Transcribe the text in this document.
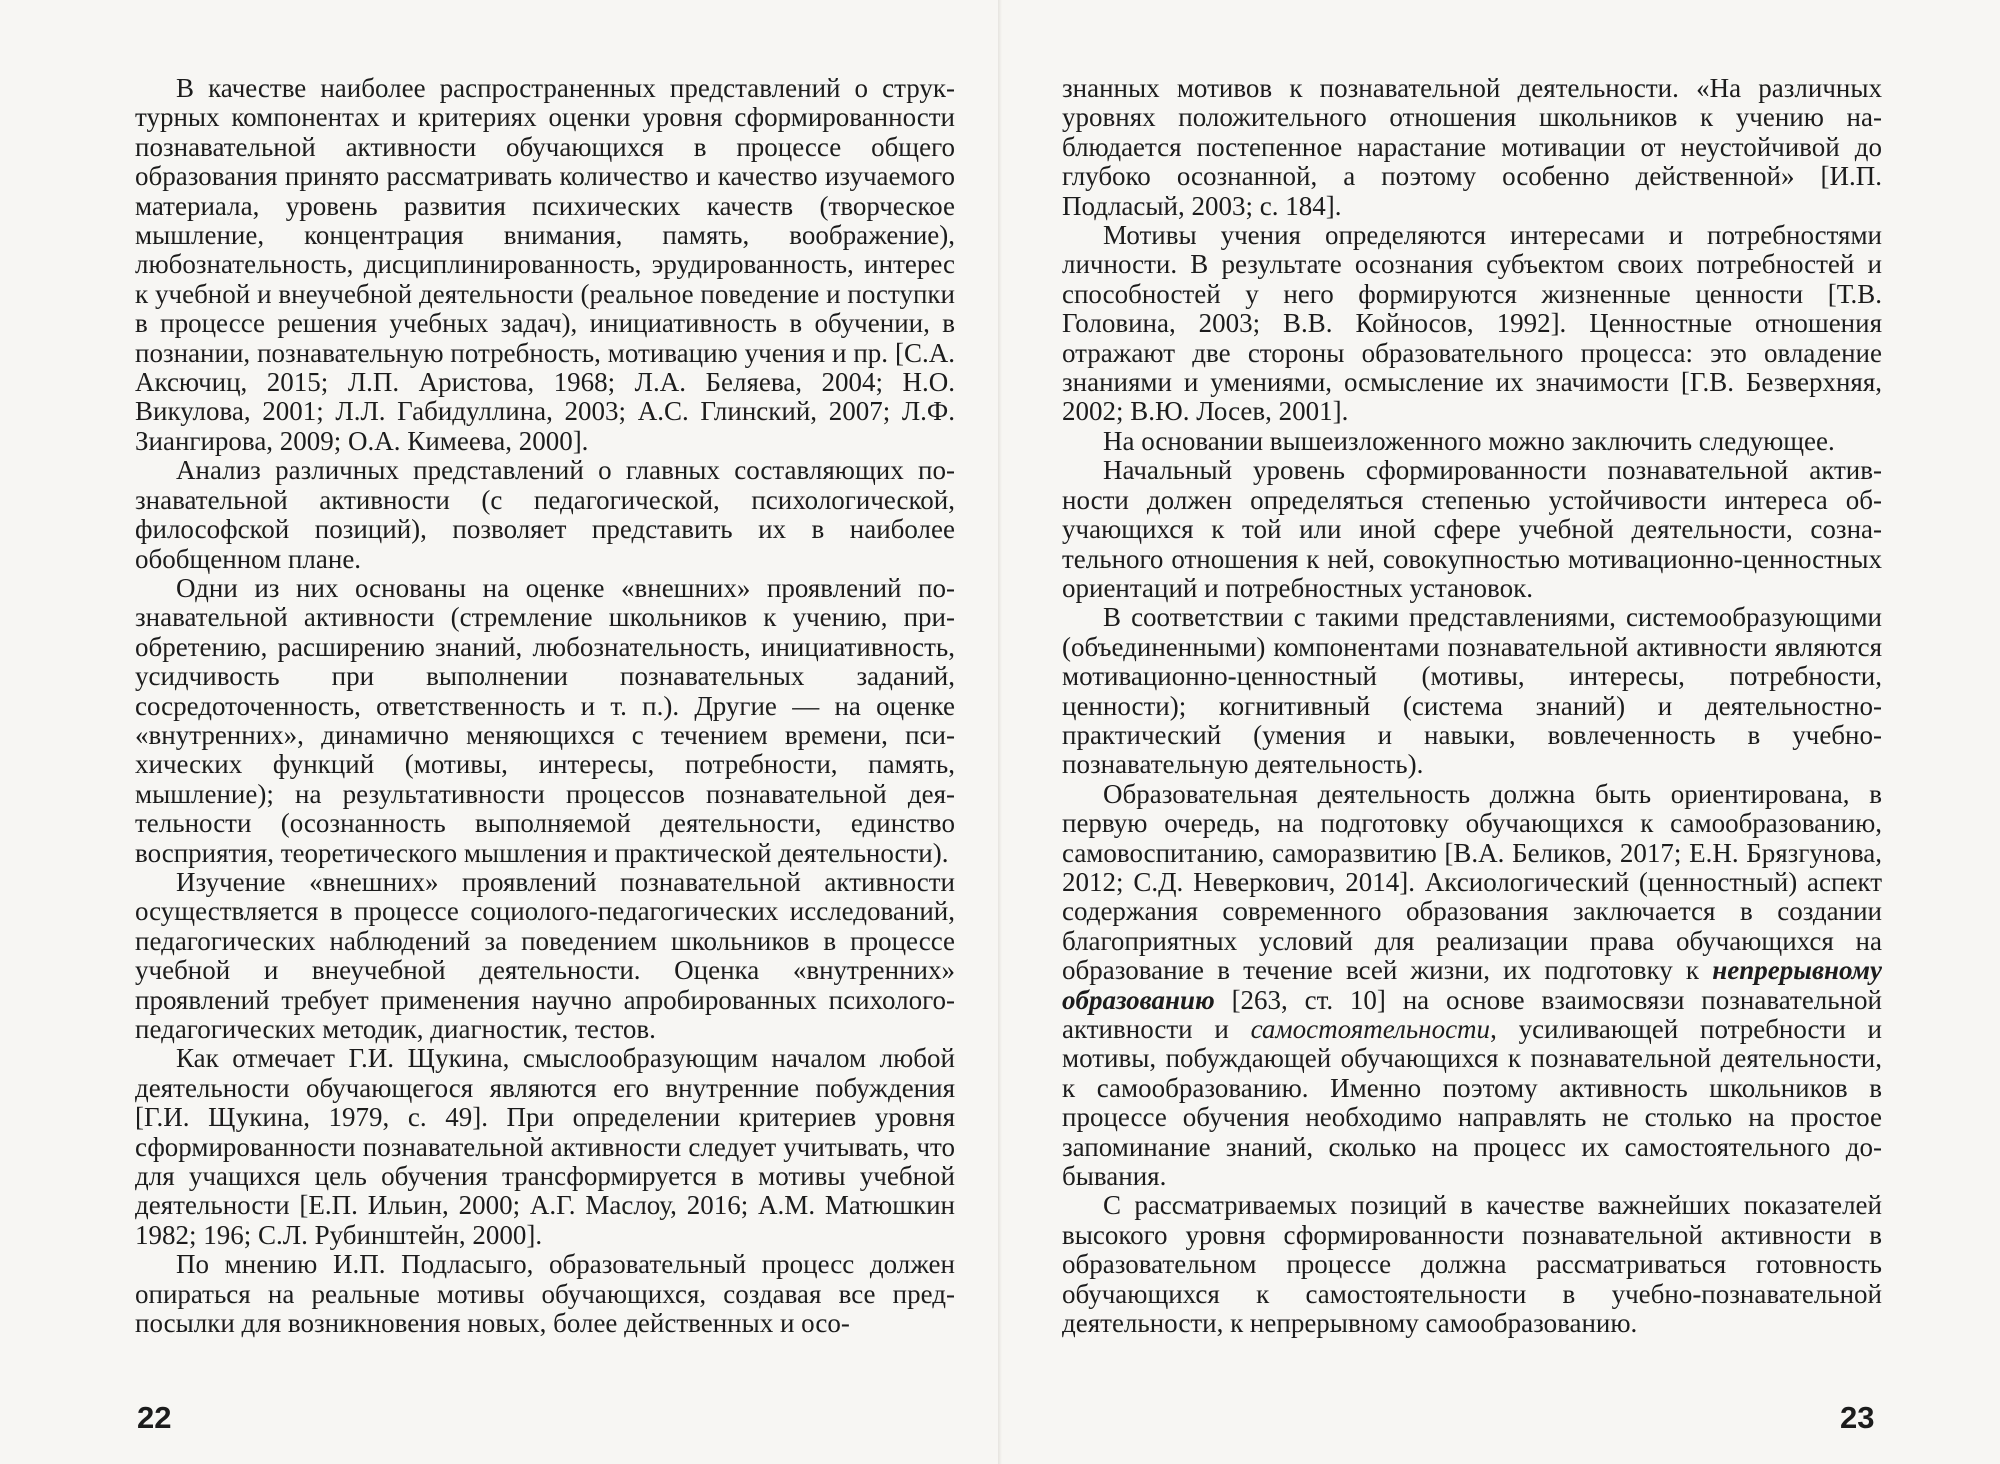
В качестве наиболее распространенных представлений о структурных компонентах и критериях оценки уровня сформированности познавательной активности обучающихся в процессе общего образования принято рассматривать количество и качество изучаемого материала, уровень развития психических качеств (творческое мышление, концентрация внимания, память, воображение), любознательность, дисциплинированность, эрудированность, интерес к учебной и внеучебной деятельности (реальное поведение и поступки в процессе решения учебных задач), инициативность в обучении, в познании, познавательную потребность, мотивацию учения и пр. [С.А. Аксючиц, 2015; Л.П. Аристова, 1968; Л.А. Беляева, 2004; Н.О. Викулова, 2001; Л.Л. Габидуллина, 2003; А.С. Глинский, 2007; Л.Ф. Зиангирова, 2009; О.А. Кимеева, 2000].

Анализ различных представлений о главных составляющих познавательной активности (с педагогической, психологической, философской позиций), позволяет представить их в наиболее обобщенном плане.

Одни из них основаны на оценке «внешних» проявлений познавательной активности (стремление школьников к учению, приобретению, расширению знаний, любознательность, инициативность, усидчивость при выполнении познавательных заданий, сосредоточенность, ответственность и т. п.). Другие — на оценке «внутренних», динамично меняющихся с течением времени, психических функций (мотивы, интересы, потребности, память, мышление); на результативности процессов познавательной деятельности (осознанность выполняемой деятельности, единство восприятия, теоретического мышления и практической деятельности).

Изучение «внешних» проявлений познавательной активности осуществляется в процессе социолого-педагогических исследований, педагогических наблюдений за поведением школьников в процессе учебной и внеучебной деятельности. Оценка «внутренних» проявлений требует применения научно апробированных психолого-педагогических методик, диагностик, тестов.

Как отмечает Г.И. Щукина, смыслообразующим началом любой деятельности обучающегося являются его внутренние побуждения [Г.И. Щукина, 1979, с. 49]. При определении критериев уровня сформированности познавательной активности следует учитывать, что для учащихся цель обучения трансформируется в мотивы учебной деятельности [Е.П. Ильин, 2000; А.Г. Маслоу, 2016; А.М. Матюшкин 1982; 196; С.Л. Рубинштейн, 2000].

По мнению И.П. Подласыго, образовательный процесс должен опираться на реальные мотивы обучающихся, создавая все предпосылки для возникновения новых, более действенных и осо-

22

знанных мотивов к познавательной деятельности. «На различных уровнях положительного отношения школьников к учению наблюдается постепенное нарастание мотивации от неустойчивой до глубоко осознанной, а поэтому особенно действенной» [И.П. Подласый, 2003; с. 184].

Мотивы учения определяются интересами и потребностями личности. В результате осознания субъектом своих потребностей и способностей у него формируются жизненные ценности [Т.В. Головина, 2003; В.В. Койносов, 1992]. Ценностные отношения отражают две стороны образовательного процесса: это овладение знаниями и умениями, осмысление их значимости [Г.В. Безверхняя, 2002; В.Ю. Лосев, 2001].

На основании вышеизложенного можно заключить следующее.

Начальный уровень сформированности познавательной активности должен определяться степенью устойчивости интереса обучающихся к той или иной сфере учебной деятельности, сознательного отношения к ней, совокупностью мотивационно-ценностных ориентаций и потребностных установок.

В соответствии с такими представлениями, системообразующими (объединенными) компонентами познавательной активности являются мотивационно-ценностный (мотивы, интересы, потребности, ценности); когнитивный (система знаний) и деятельностно-практический (умения и навыки, вовлеченность в учебно-познавательную деятельность).

Образовательная деятельность должна быть ориентирована, в первую очередь, на подготовку обучающихся к самообразованию, самовоспитанию, саморазвитию [В.А. Беликов, 2017; Е.Н. Брязгунова, 2012; С.Д. Неверкович, 2014]. Аксиологический (ценностный) аспект содержания современного образования заключается в создании благоприятных условий для реализации права обучающихся на образование в течение всей жизни, их подготовку к непрерывному образованию [263, ст. 10] на основе взаимосвязи познавательной активности и самостоятельности, усиливающей потребности и мотивы, побуждающей обучающихся к познавательной деятельности, к самообразованию. Именно поэтому активность школьников в процессе обучения необходимо направлять не столько на простое запоминание знаний, сколько на процесс их самостоятельного добывания.

С рассматриваемых позиций в качестве важнейших показателей высокого уровня сформированности познавательной активности в образовательном процессе должна рассматриваться готовность обучающихся к самостоятельности в учебно-познавательной деятельности, к непрерывному самообразованию.

23
